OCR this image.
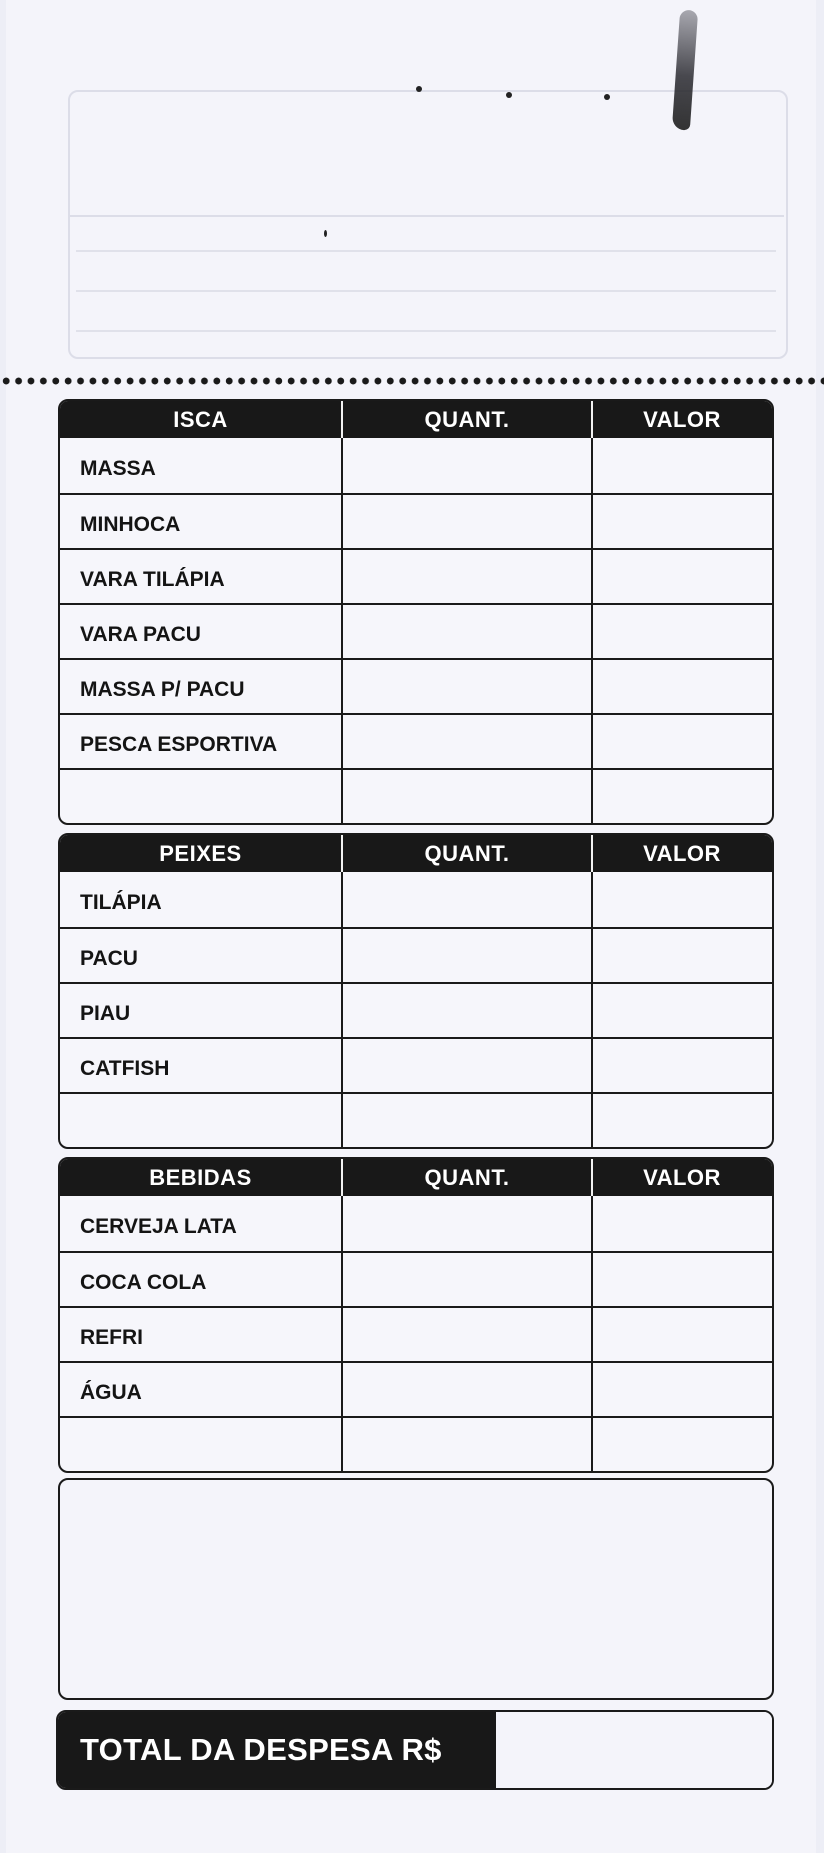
ISCA	QUANT.	VALOR
MASSA
MINHOCA
VARA TILÁPIA
VARA PACU
MASSA P/ PACU
PESCA ESPORTIVA
PEIXES	QUANT.	VALOR
TILÁPIA
PACU
PIAU
CATFISH
BEBIDAS	QUANT.	VALOR
CERVEJA LATA
COCA COLA
REFRI
ÁGUA
TOTAL DA DESPESA R$
